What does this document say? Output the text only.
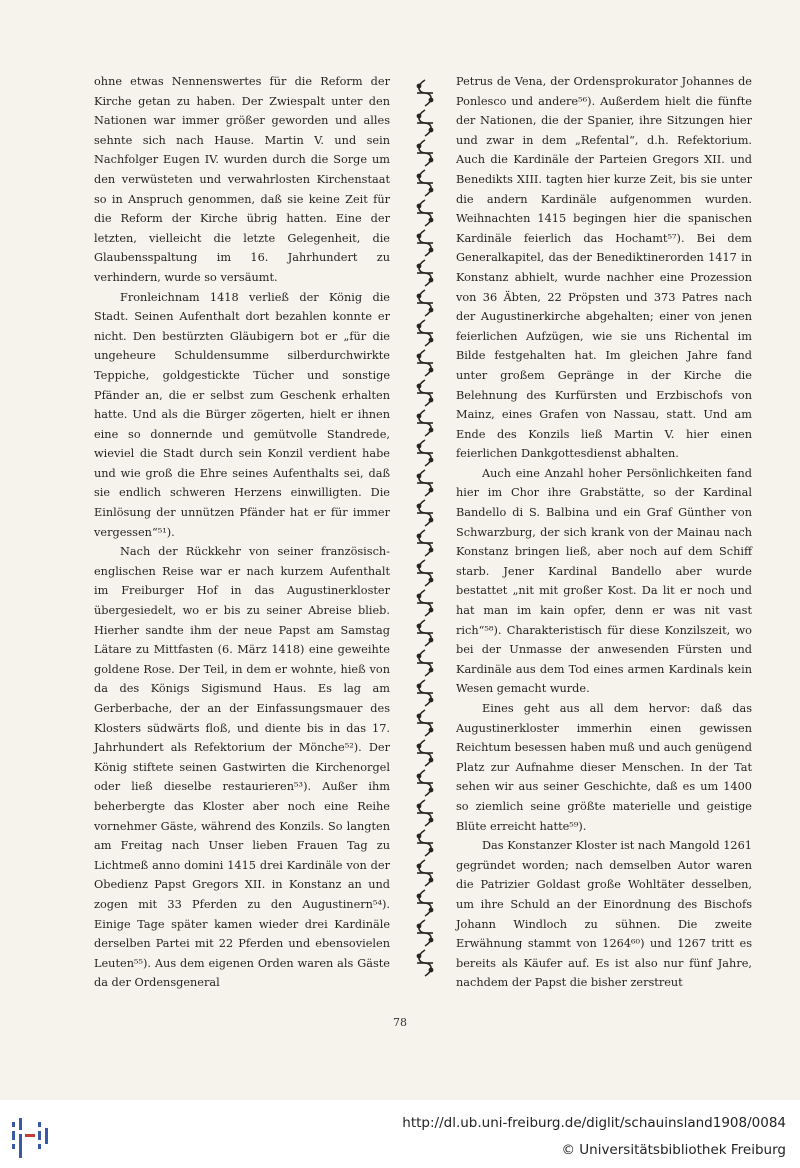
ohne etwas Nennenswertes für die Reform der Kirche getan zu haben. Der Zwiespalt unter den Nationen war immer größer geworden und alles sehnte sich nach Hause. Martin V. und sein Nachfolger Eugen IV. wurden durch die Sorge um den verwüsteten und verwahrlosten Kirchenstaat so in Anspruch genommen, daß sie keine Zeit für die Reform der Kirche übrig hatten. Eine der letzten, vielleicht die letzte Gelegenheit, die Glaubensspaltung im 16. Jahrhundert zu verhindern, wurde so versäumt.

Fronleichnam 1418 verließ der König die Stadt. Seinen Aufenthalt dort bezahlen konnte er nicht. Den bestürzten Gläubigern bot er „für die ungeheure Schuldensumme silberdurchwirkte Teppiche, goldgestickte Tücher und sonstige Pfänder an, die er selbst zum Geschenk erhalten hatte. Und als die Bürger zögerten, hielt er ihnen eine so donnernde und gemütvolle Standrede, wieviel die Stadt durch sein Konzil verdient habe und wie groß die Ehre seines Aufenthalts sei, daß sie endlich schweren Herzens einwilligten. Die Einlösung der unnützen Pfänder hat er für immer vergessen“⁵¹).

Nach der Rückkehr von seiner französisch-englischen Reise war er nach kurzem Aufenthalt im Freiburger Hof in das Augustinerkloster übergesiedelt, wo er bis zu seiner Abreise blieb. Hierher sandte ihm der neue Papst am Samstag Lätare zu Mittfasten (6. März 1418) eine geweihte goldene Rose. Der Teil, in dem er wohnte, hieß von da des Königs Sigismund Haus. Es lag am Gerberbache, der an der Einfassungsmauer des Klosters südwärts floß, und diente bis in das 17. Jahrhundert als Refektorium der Mönche⁵²). Der König stiftete seinen Gastwirten die Kirchenorgel oder ließ dieselbe restaurieren⁵³). Außer ihm beherbergte das Kloster aber noch eine Reihe vornehmer Gäste, während des Konzils. So langten am Freitag nach Unser lieben Frauen Tag zu Lichtmeß anno domini 1415 drei Kardinäle von der Obedienz Papst Gregors XII. in Konstanz an und zogen mit 33 Pferden zu den Augustinern⁵⁴). Einige Tage später kamen wieder drei Kardinäle derselben Partei mit 22 Pferden und ebensovielen Leuten⁵⁵). Aus dem eigenen Orden waren als Gäste da der Ordensgeneral

Petrus de Vena, der Ordensprokurator Johannes de Ponlesco und andere⁵⁶). Außerdem hielt die fünfte der Nationen, die der Spanier, ihre Sitzungen hier und zwar in dem „Refental“, d.h. Refektorium. Auch die Kardinäle der Parteien Gregors XII. und Benedikts XIII. tagten hier kurze Zeit, bis sie unter die andern Kardinäle aufgenommen wurden. Weihnachten 1415 begingen hier die spanischen Kardinäle feierlich das Hochamt⁵⁷). Bei dem Generalkapitel, das der Benediktinerorden 1417 in Konstanz abhielt, wurde nachher eine Prozession von 36 Äbten, 22 Pröpsten und 373 Patres nach der Augustinerkirche abgehalten; einer von jenen feierlichen Aufzügen, wie sie uns Richental im Bilde festgehalten hat. Im gleichen Jahre fand unter großem Gepränge in der Kirche die Belehnung des Kurfürsten und Erzbischofs von Mainz, eines Grafen von Nassau, statt. Und am Ende des Konzils ließ Martin V. hier einen feierlichen Dankgottesdienst abhalten.

Auch eine Anzahl hoher Persönlichkeiten fand hier im Chor ihre Grabstätte, so der Kardinal Bandello di S. Balbina und ein Graf Günther von Schwarzburg, der sich krank von der Mainau nach Konstanz bringen ließ, aber noch auf dem Schiff starb. Jener Kardinal Bandello aber wurde bestattet „nit mit großer Kost. Da lit er noch und hat man im kain opfer, denn er was nit vast rich“⁵⁸). Charakteristisch für diese Konzilszeit, wo bei der Unmasse der anwesenden Fürsten und Kardinäle aus dem Tod eines armen Kardinals kein Wesen gemacht wurde.

Eines geht aus all dem hervor: daß das Augustinerkloster immerhin einen gewissen Reichtum besessen haben muß und auch genügend Platz zur Aufnahme dieser Menschen. In der Tat sehen wir aus seiner Geschichte, daß es um 1400 so ziemlich seine größte materielle und geistige Blüte erreicht hatte⁵⁹).

Das Konstanzer Kloster ist nach Mangold 1261 gegründet worden; nach demselben Autor waren die Patrizier Goldast große Wohltäter desselben, um ihre Schuld an der Einordnung des Bischofs Johann Windloch zu sühnen. Die zweite Erwähnung stammt von 1264⁶⁰) und 1267 tritt es bereits als Käufer auf. Es ist also nur fünf Jahre, nachdem der Papst die bisher zerstreut

78
http://dl.ub.uni-freiburg.de/diglit/schauinsland1908/0084
© Universitätsbibliothek Freiburg
